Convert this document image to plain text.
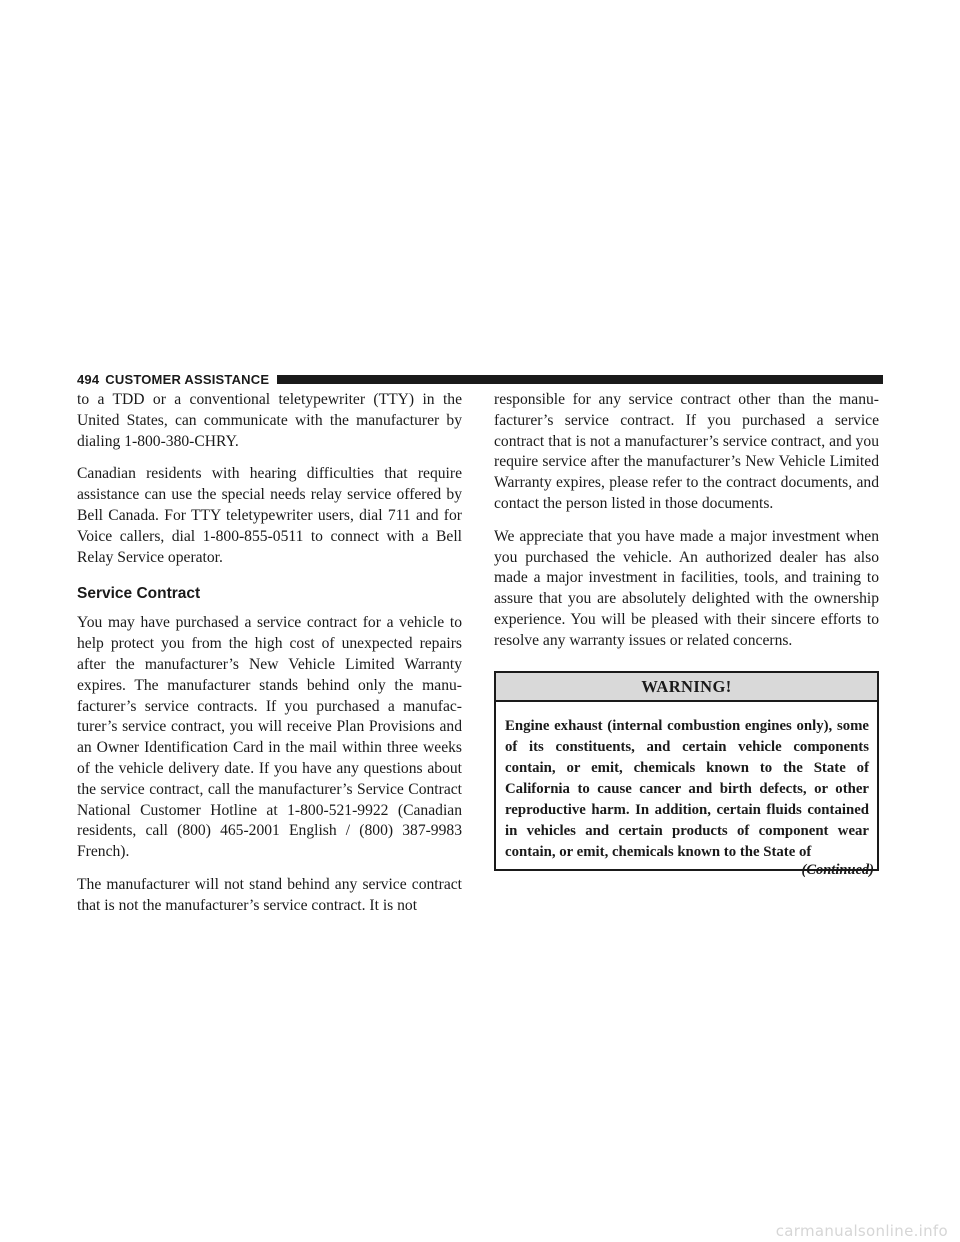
494 CUSTOMER ASSISTANCE

to a TDD or a conventional teletypewriter (TTY) in the United States, can communicate with the manufacturer by dialing 1-800-380-CHRY.

Canadian residents with hearing difficulties that require assistance can use the special needs relay service offered by Bell Canada. For TTY teletypewriter users, dial 711 and for Voice callers, dial 1-800-855-0511 to connect with a Bell Relay Service operator.

Service Contract

You may have purchased a service contract for a vehicle to help protect you from the high cost of unexpected repairs after the manufacturer’s New Vehicle Limited Warranty expires. The manufacturer stands behind only the manufacturer’s service contracts. If you purchased a manufacturer’s service contract, you will receive Plan Provisions and an Owner Identification Card in the mail within three weeks of the vehicle delivery date. If you have any questions about the service contract, call the manufacturer’s Service Contract National Customer Hotline at 1-800-521-9922 (Canadian residents, call (800) 465-2001 English / (800) 387-9983 French).

The manufacturer will not stand behind any service contract that is not the manufacturer’s service contract. It is not

responsible for any service contract other than the manufacturer’s service contract. If you purchased a service contract that is not a manufacturer’s service contract, and you require service after the manufacturer’s New Vehicle Limited Warranty expires, please refer to the contract documents, and contact the person listed in those documents.

We appreciate that you have made a major investment when you purchased the vehicle. An authorized dealer has also made a major investment in facilities, tools, and training to assure that you are absolutely delighted with the ownership experience. You will be pleased with their sincere efforts to resolve any warranty issues or related concerns.

WARNING!
Engine exhaust (internal combustion engines only), some of its constituents, and certain vehicle components contain, or emit, chemicals known to the State of California to cause cancer and birth defects, or other reproductive harm. In addition, certain fluids contained in vehicles and certain products of component wear contain, or emit, chemicals known to the State of
(Continued)
carmanualsonline.info
